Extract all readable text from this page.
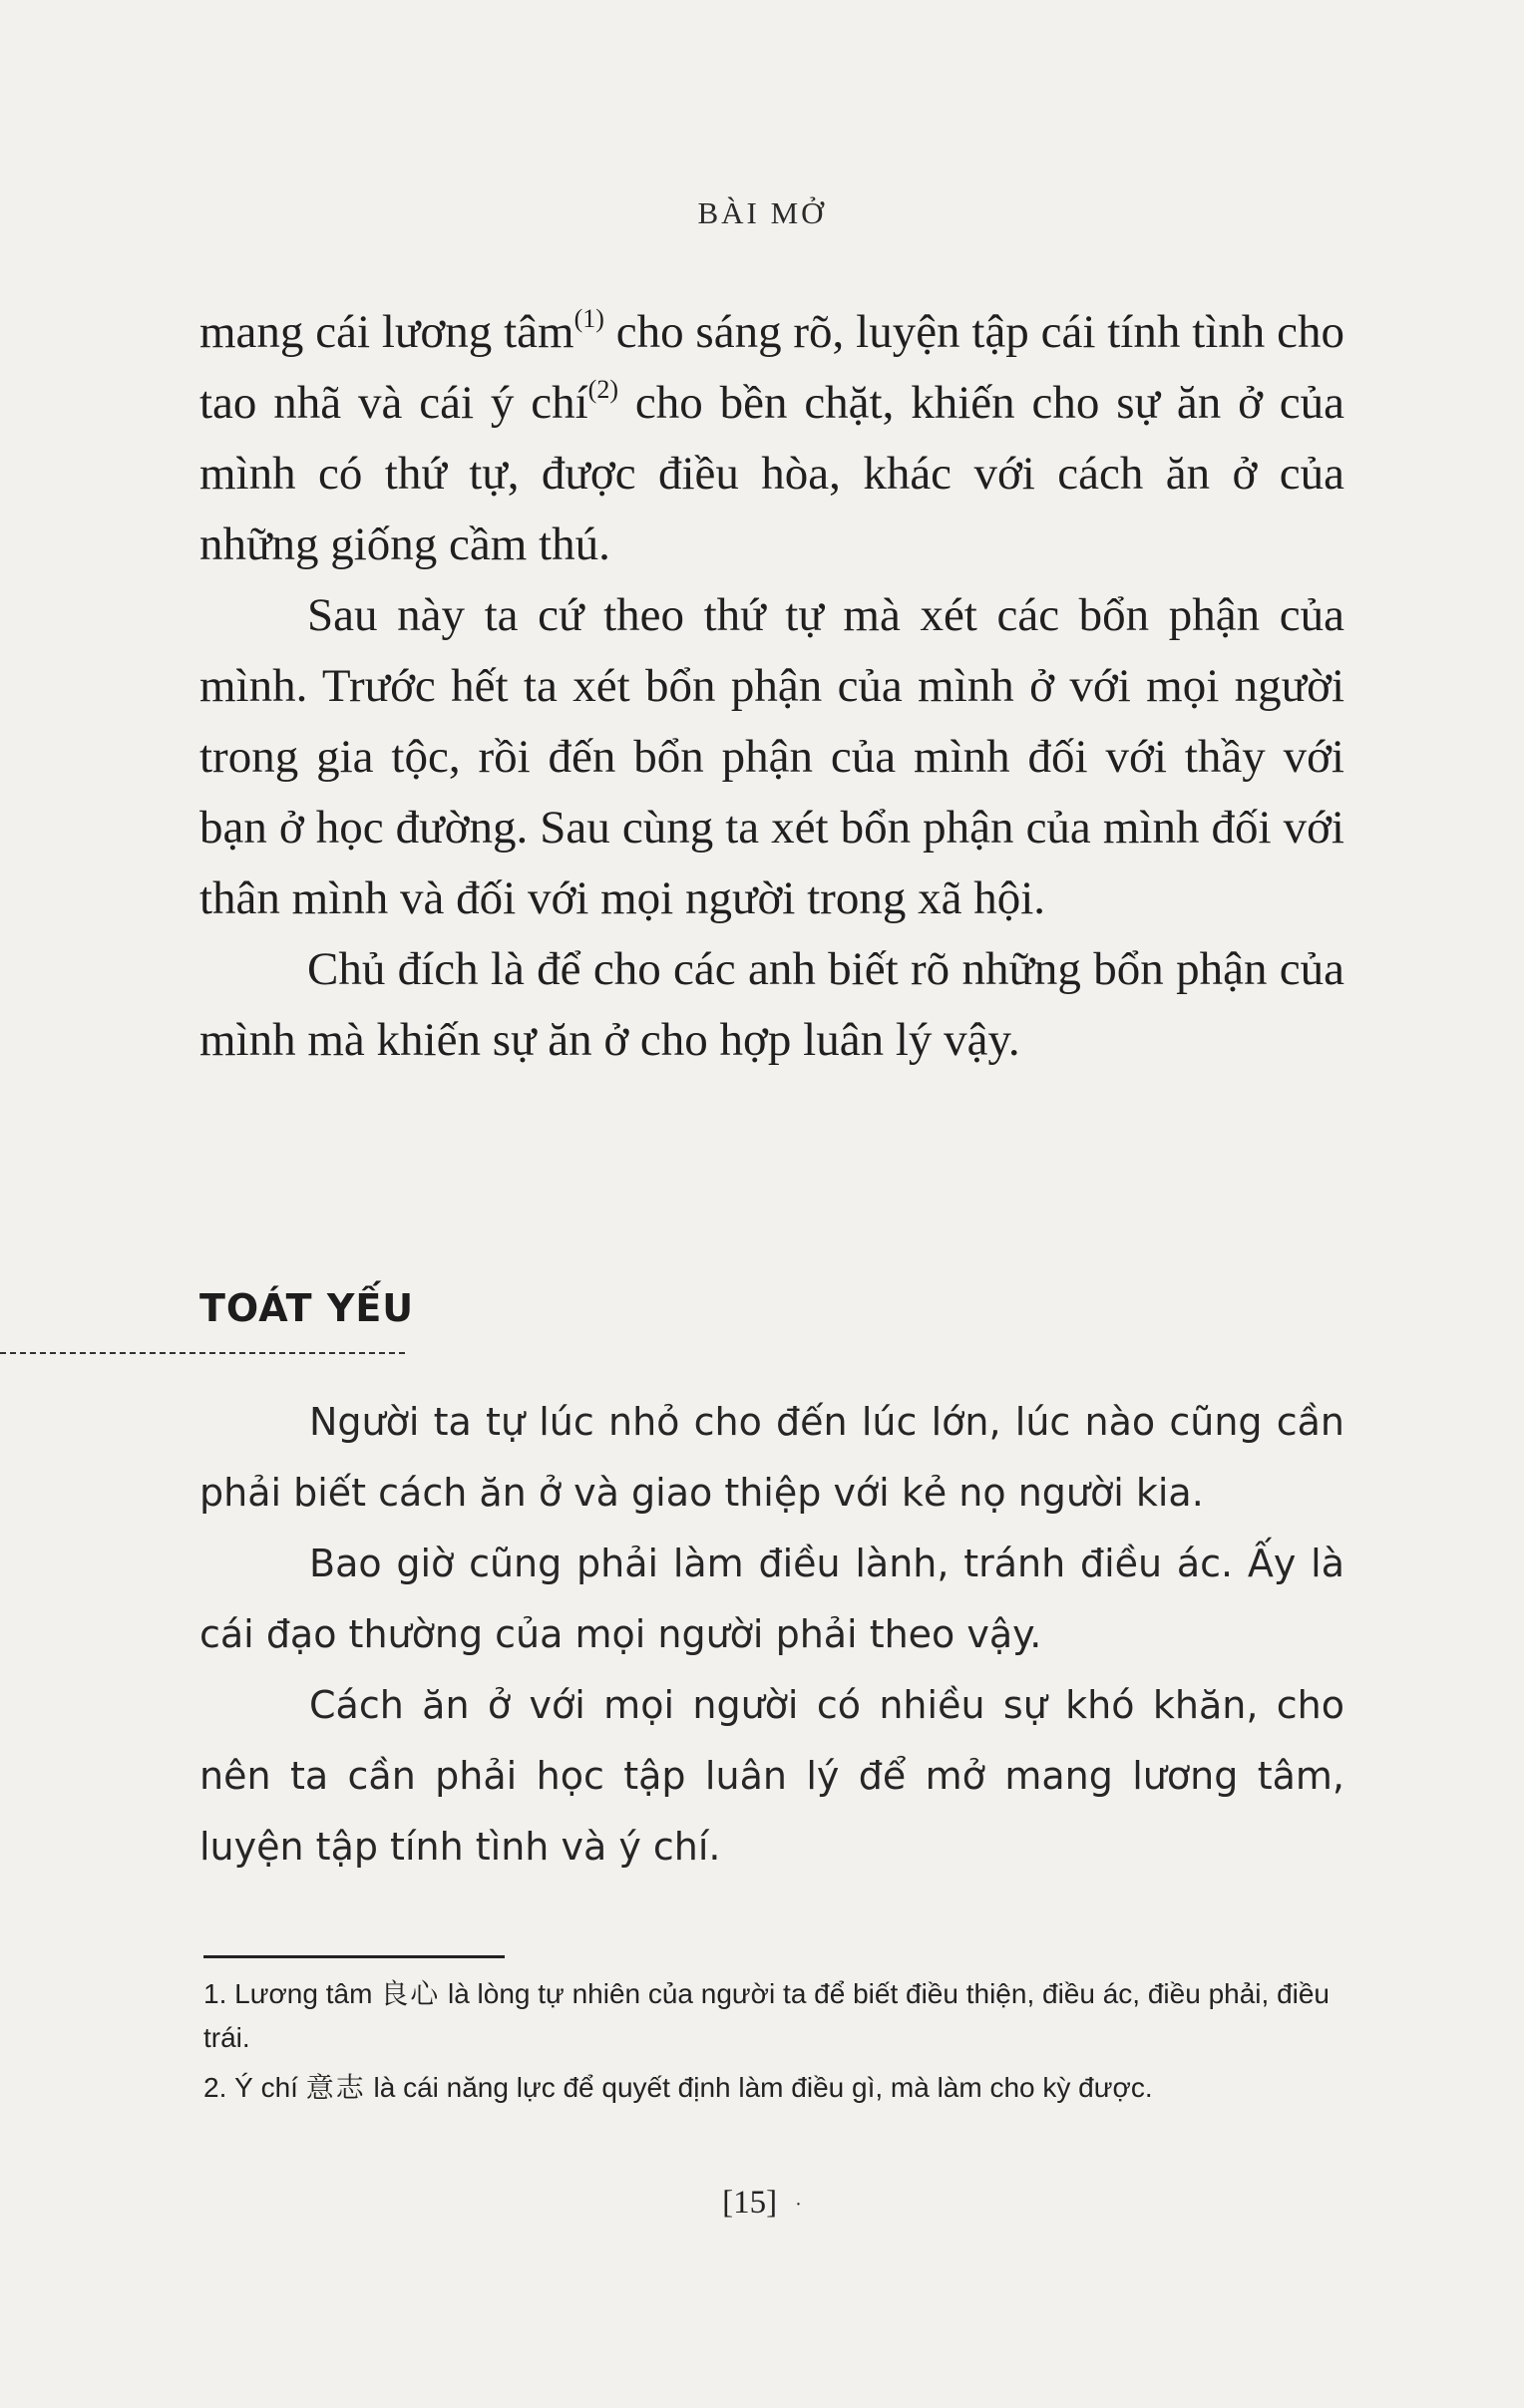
BÀI MỞ

mang cái lương tâm$^{(1)}$ cho sáng rõ, luyện tập cái tính tình cho tao nhã và cái ý chí$^{(2)}$ cho bền chặt, khiến cho sự ăn ở của mình có thứ tự, được điều hòa, khác với cách ăn ở của những giống cầm thú.

Sau này ta cứ theo thứ tự mà xét các bổn phận của mình. Trước hết ta xét bổn phận của mình ở với mọi người trong gia tộc, rồi đến bổn phận của mình đối với thầy với bạn ở học đường. Sau cùng ta xét bổn phận của mình đối với thân mình và đối với mọi người trong xã hội.

Chủ đích là để cho các anh biết rõ những bổn phận của mình mà khiến sự ăn ở cho hợp luân lý vậy.

TOÁT YẾU

Người ta tự lúc nhỏ cho đến lúc lớn, lúc nào cũng cần phải biết cách ăn ở và giao thiệp với kẻ nọ người kia.

Bao giờ cũng phải làm điều lành, tránh điều ác. Ấy là cái đạo thường của mọi người phải theo vậy.

Cách ăn ở với mọi người có nhiều sự khó khăn, cho nên ta cần phải học tập luân lý để mở mang lương tâm, luyện tập tính tình và ý chí.

1. Lương tâm 良心 là lòng tự nhiên của người ta để biết điều thiện, điều ác, điều phải, điều trái.

2. Ý chí 意志 là cái năng lực để quyết định làm điều gì, mà làm cho kỳ được.

[15] ·
